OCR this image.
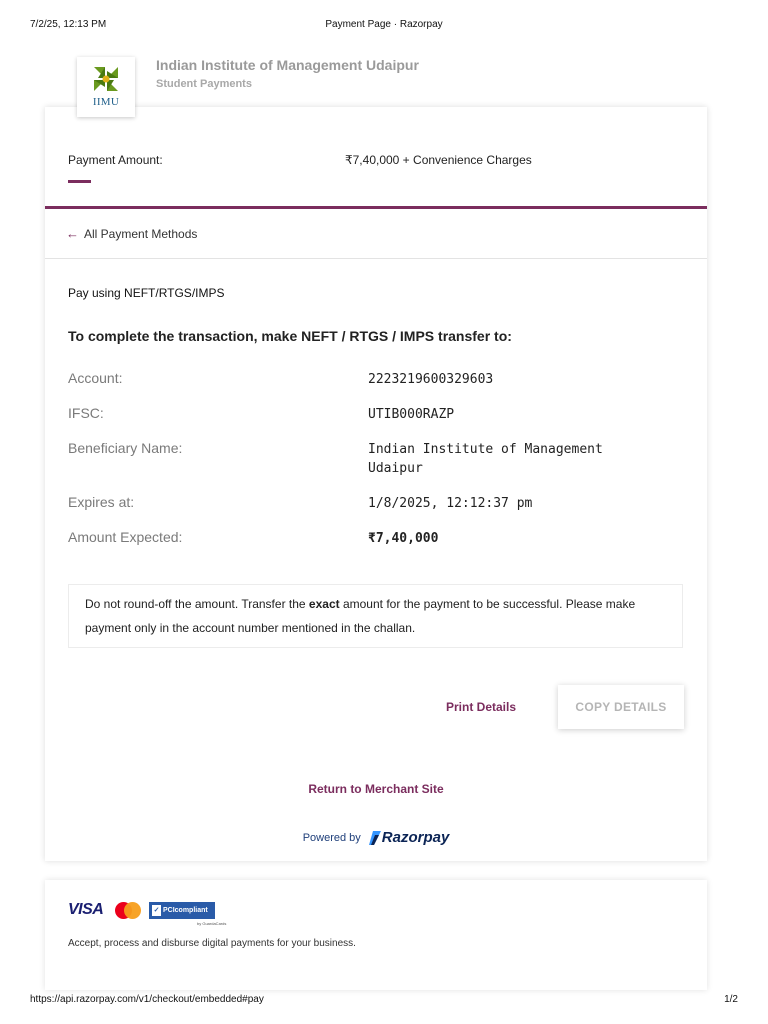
7/2/25, 12:13 PM	Payment Page · Razorpay
IIMU
Indian Institute of Management Udaipur
Student Payments
Payment Amount:	₹7,40,000 + Convenience Charges
← All Payment Methods
Pay using NEFT/RTGS/IMPS
To complete the transaction, make NEFT / RTGS / IMPS transfer to:
Account:	2223219600329603
IFSC:	UTIB000RAZP
Beneficiary Name:	Indian Institute of Management Udaipur
Expires at:	1/8/2025, 12:12:37 pm
Amount Expected:	₹7,40,000
Do not round-off the amount. Transfer the exact amount for the payment to be successful. Please make payment only in the account number mentioned in the challan.
Print Details	COPY DETAILS
Return to Merchant Site
Powered by Razorpay
VISA	✓ PCIcompliant
by GuardaCards
Accept, process and disburse digital payments for your business.
https://api.razorpay.com/v1/checkout/embedded#pay	1/2
